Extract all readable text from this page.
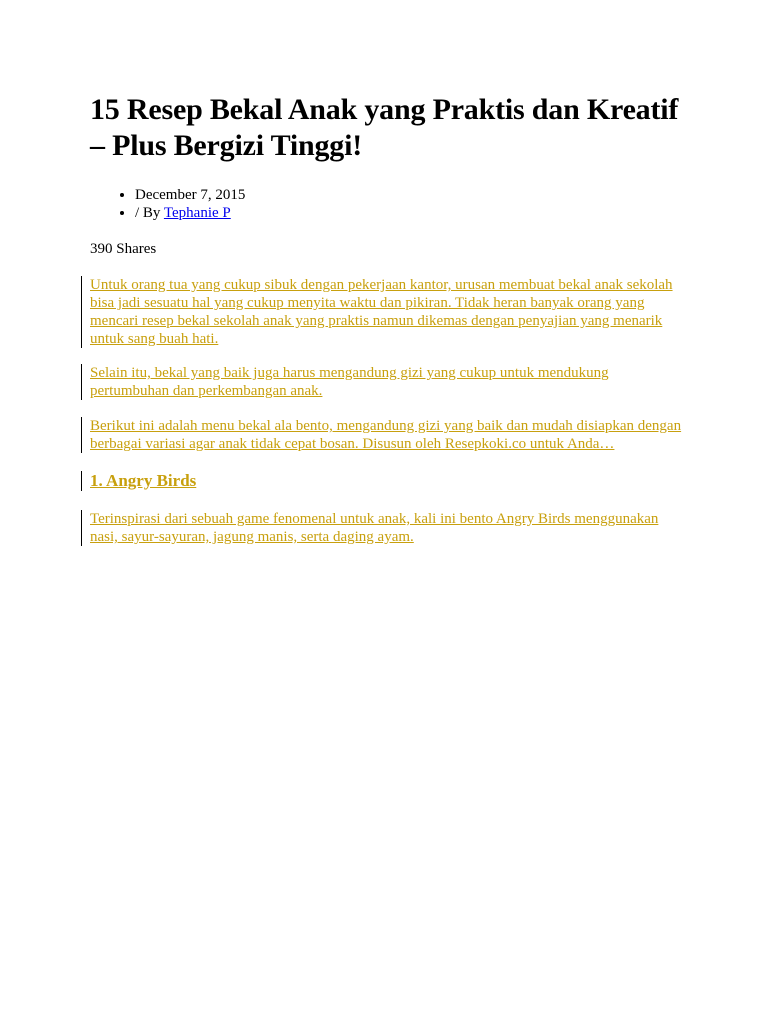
15 Resep Bekal Anak yang Praktis dan Kreatif – Plus Bergizi Tinggi!
• December 7, 2015
• / By Tephanie P
390 Shares
Untuk orang tua yang cukup sibuk dengan pekerjaan kantor, urusan membuat bekal anak sekolah bisa jadi sesuatu hal yang cukup menyita waktu dan pikiran. Tidak heran banyak orang yang mencari resep bekal sekolah anak yang praktis namun dikemas dengan penyajian yang menarik untuk sang buah hati.
Selain itu, bekal yang baik juga harus mengandung gizi yang cukup untuk mendukung pertumbuhan dan perkembangan anak.
Berikut ini adalah menu bekal ala bento, mengandung gizi yang baik dan mudah disiapkan dengan berbagai variasi agar anak tidak cepat bosan. Disusun oleh Resepkoki.co untuk Anda…
1. Angry Birds
Terinspirasi dari sebuah game fenomenal untuk anak, kali ini bento Angry Birds menggunakan nasi, sayur-sayuran, jagung manis, serta daging ayam.
